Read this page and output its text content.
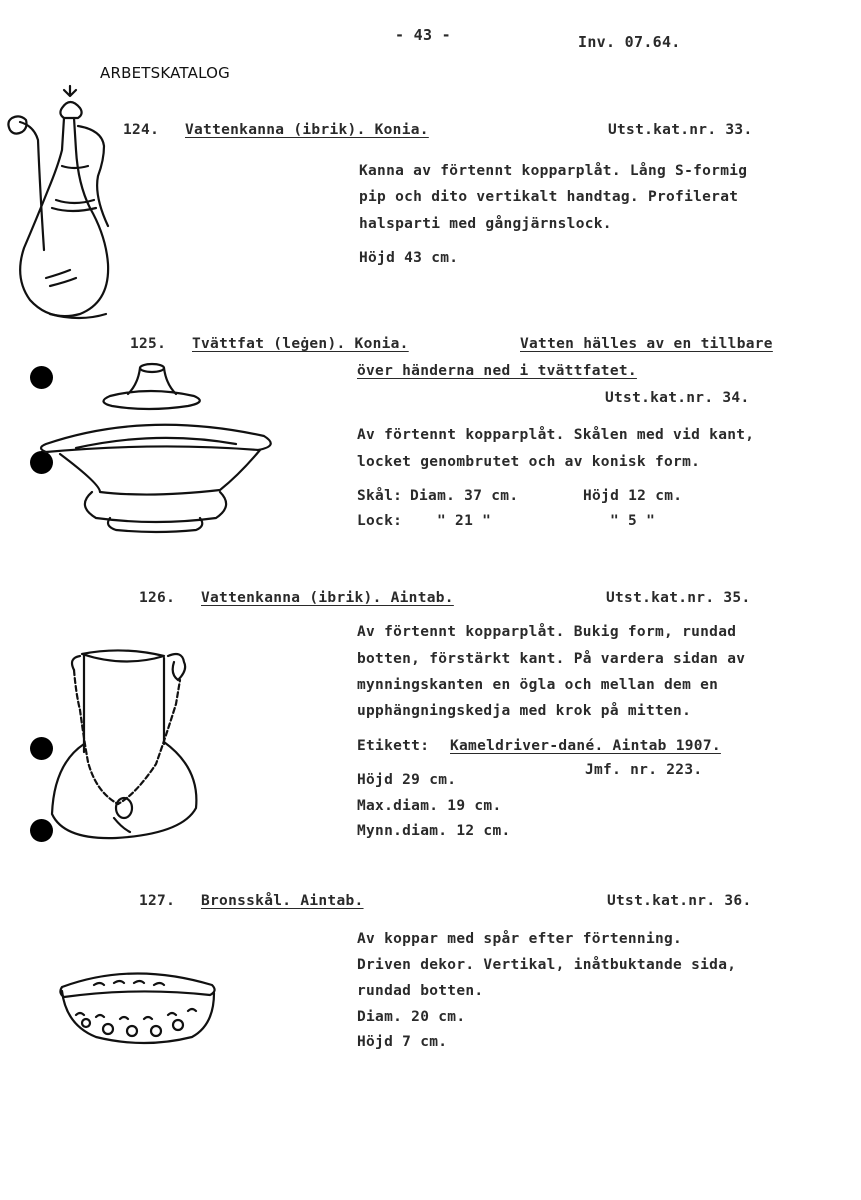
- 43 -	Inv. 07.64.
ARBETSKATALOG
124. Vattenkanna (ibrik). Konia.	Utst.kat.nr. 33.
Kanna av förtennt kopparplåt. Lång S-formig
pip och dito vertikalt handtag. Profilerat
halsparti med gångjärnslock.
Höjd 43 cm.
125. Tvättfat (leġen). Konia.	Vatten hälles av en tillbare
över händerna ned i tvättfatet.
Utst.kat.nr. 34.
Av förtennt kopparplåt. Skålen med vid kant,
locket genombrutet och av konisk form.
Skål: Diam. 37 cm.	Höjd 12 cm.
Lock: " 21 "	" 5 "
126. Vattenkanna (ibrik). Aintab.	Utst.kat.nr. 35.
Av förtennt kopparplåt. Bukig form, rundad
botten, förstärkt kant. På vardera sidan av
mynningskanten en ögla och mellan dem en
upphängningskedja med krok på mitten.
Etikett: Kameldriver-dané. Aintab 1907.
Jmf. nr. 223.
Höjd 29 cm.
Max.diam. 19 cm.
Mynn.diam. 12 cm.
127. Bronsskål. Aintab.	Utst.kat.nr. 36.
Av koppar med spår efter förtenning.
Driven dekor. Vertikal, inåtbuktande sida,
rundad botten.
Diam. 20 cm.
Höjd 7 cm.
